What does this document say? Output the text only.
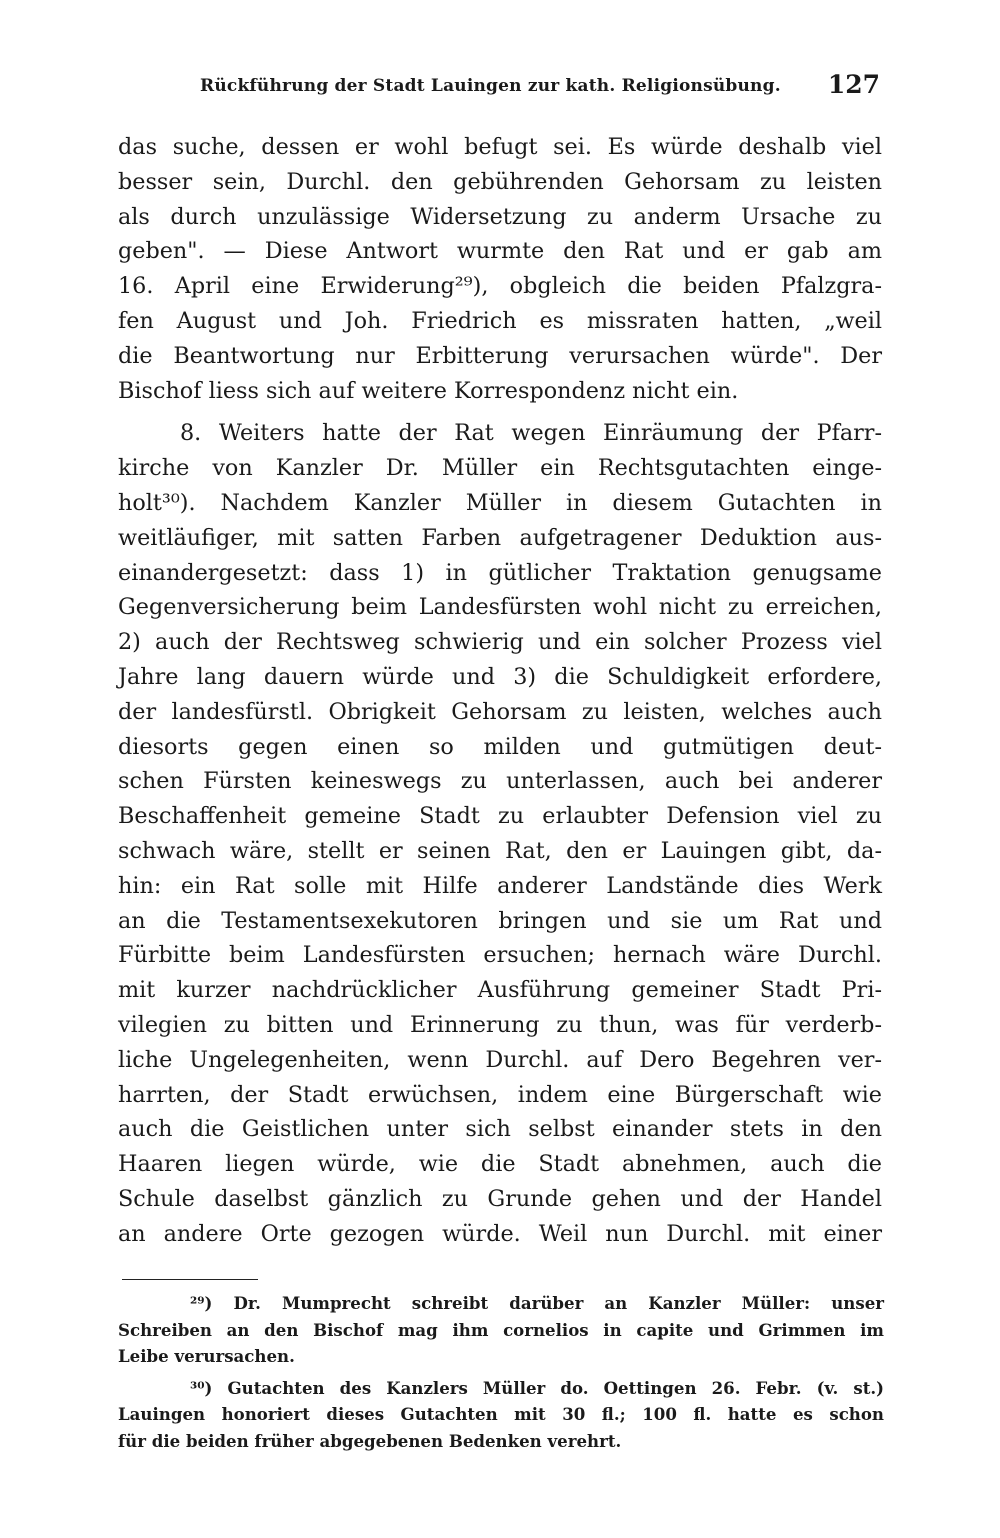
Rückführung der Stadt Lauingen zur kath. Religionsübung. 127
das suche, dessen er wohl befugt sei. Es würde deshalb viel
besser sein, Durchl. den gebührenden Gehorsam zu leisten
als durch unzulässige Widersetzung zu anderm Ursache zu
geben". — Diese Antwort wurmte den Rat und er gab am
16. April eine Erwiderung²⁹), obgleich die beiden Pfalzgra-
fen August und Joh. Friedrich es missraten hatten, „weil
die Beantwortung nur Erbitterung verursachen würde". Der
Bischof liess sich auf weitere Korrespondenz nicht ein.
8. Weiters hatte der Rat wegen Einräumung der Pfarr-
kirche von Kanzler Dr. Müller ein Rechtsgutachten einge-
holt³⁰). Nachdem Kanzler Müller in diesem Gutachten in
weitläufiger, mit satten Farben aufgetragener Deduktion aus-
einandergesetzt: dass 1) in gütlicher Traktation genugsame
Gegenversicherung beim Landesfürsten wohl nicht zu erreichen,
2) auch der Rechtsweg schwierig und ein solcher Prozess viel
Jahre lang dauern würde und 3) die Schuldigkeit erfordere,
der landesfürstl. Obrigkeit Gehorsam zu leisten, welches auch
diesorts gegen einen so milden und gutmütigen deut-
schen Fürsten keineswegs zu unterlassen, auch bei anderer
Beschaffenheit gemeine Stadt zu erlaubter Defension viel zu
schwach wäre, stellt er seinen Rat, den er Lauingen gibt, da-
hin: ein Rat solle mit Hilfe anderer Landstände dies Werk
an die Testamentsexekutoren bringen und sie um Rat und
Fürbitte beim Landesfürsten ersuchen; hernach wäre Durchl.
mit kurzer nachdrücklicher Ausführung gemeiner Stadt Pri-
vilegien zu bitten und Erinnerung zu thun, was für verderb-
liche Ungelegenheiten, wenn Durchl. auf Dero Begehren ver-
harrten, der Stadt erwüchsen, indem eine Bürgerschaft wie
auch die Geistlichen unter sich selbst einander stets in den
Haaren liegen würde, wie die Stadt abnehmen, auch die
Schule daselbst gänzlich zu Grunde gehen und der Handel
an andere Orte gezogen würde. Weil nun Durchl. mit einer
²⁹) Dr. Mumprecht schreibt darüber an Kanzler Müller: unser
Schreiben an den Bischof mag ihm cornelios in capite und Grimmen im
Leibe verursachen.
³⁰) Gutachten des Kanzlers Müller do. Oettingen 26. Febr. (v. st.)
Lauingen honoriert dieses Gutachten mit 30 fl.; 100 fl. hatte es schon
für die beiden früher abgegebenen Bedenken verehrt.
